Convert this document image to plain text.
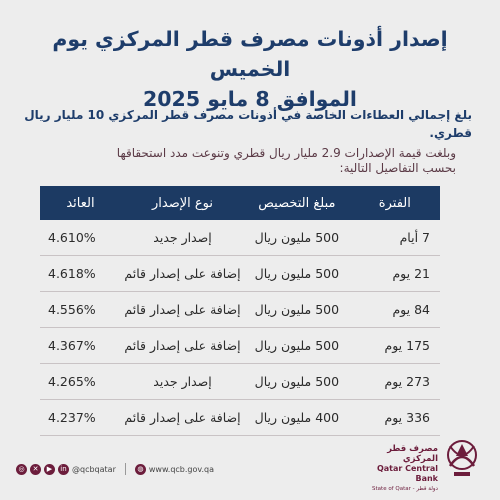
إصدار أذونات مصرف قطر المركزي يوم الخميس
الموافق 8 مايو 2025
بلغ إجمالي العطاءات الخاصة في أذونات مصرف قطر المركزي 10 مليار ريال قطري.
وبلغت قيمة الإصدارات 2.9 مليار ريال قطري وتنوعت مدد استحقاقها
بحسب التفاصيل التالية:
الفترة	مبلغ التخصيص	نوع الإصدار	العائد
7 أيام	500 مليون ريال	إصدار جديد	4.610%
21 يوم	500 مليون ريال	إضافة على إصدار قائم	4.618%
84 يوم	500 مليون ريال	إضافة على إصدار قائم	4.556%
175 يوم	500 مليون ريال	إضافة على إصدار قائم	4.367%
273 يوم	500 مليون ريال	إصدار جديد	4.265%
336 يوم	400 مليون ريال	إضافة على إصدار قائم	4.237%
◎	✕	▶	in @qcbqatar	◍ www.qcb.gov.qa
مصرف قطر المركزي
Qatar Central Bank
State of Qatar - دولة قطر
